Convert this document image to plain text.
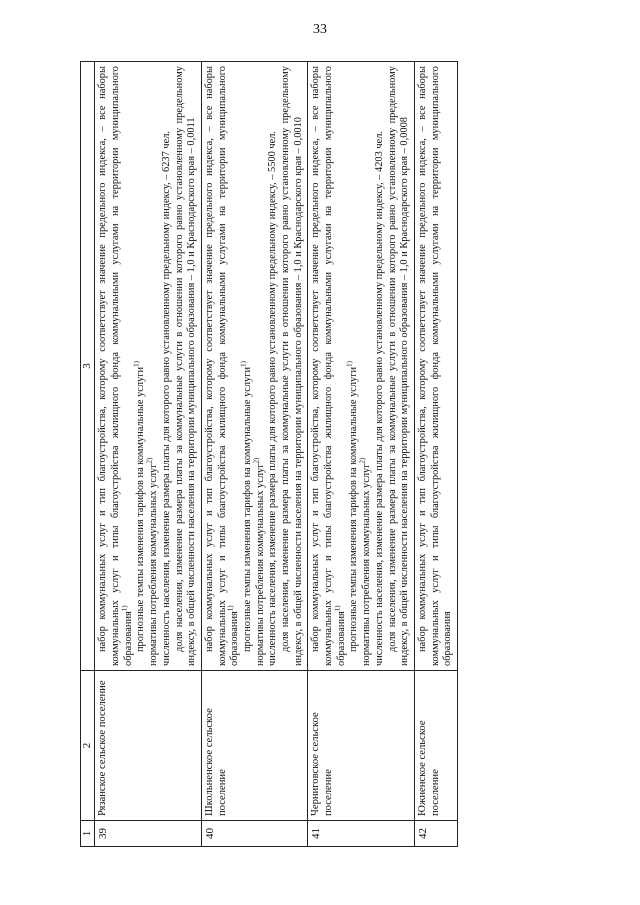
33
1	2	3
39	Рязанское сельское поселение	набор коммунальных услуг и тип благоустройства, которому соответствует значение предельного индекса, – все наборы коммунальных услуг и типы благоустройства жилищного фонда коммунальными услугами на территории муниципального образования$^{1)}$ прогнозные темпы изменения тарифов на коммунальные услуги$^{1)}$

нормативы потребления коммунальных услуг$^{2)}$ численность населения, изменение размера платы для которого равно установленному предельному индексу, – 6237 чел. доля населения, изменение размера платы за коммунальные услуги в отношении которого равно установленному предельному индексу, в общей численности населения на территории муниципального образования – 1,0 и Краснодарского края – 0,0011

40	Школьненское сельское поселение	набор коммунальных услуг и тип благоустройства, которому соответствует значение предельного индекса, – все наборы коммунальных услуг и типы благоустройства жилищного фонда коммунальными услугами на территории муниципального образования$^{1)}$ прогнозные темпы изменения тарифов на коммунальные услуги$^{1)}$

нормативы потребления коммунальных услуг$^{2)}$ численность населения, изменение размера платы для которого равно установленному предельному индексу, – 5500 чел. доля населения, изменение размера платы за коммунальные услуги в отношении которого равно установленному предельному индексу, в общей численности населения на территории муниципального образования – 1,0 и Краснодарского края – 0,0010

41	Черниговское сельское поселение	набор коммунальных услуг и тип благоустройства, которому соответствует значение предельного индекса, – все наборы коммунальных услуг и типы благоустройства жилищного фонда коммунальными услугами на территории муниципального образования$^{1)}$ прогнозные темпы изменения тарифов на коммунальные услуги$^{1)}$

нормативы потребления коммунальных услуг$^{2)}$ численность населения, изменение размера платы для которого равно установленному предельному индексу, – 4203 чел. доля населения, изменение размера платы за коммунальные услуги в отношении которого равно установленному предельному индексу, в общей численности населения на территории муниципального образования – 1,0 и Краснодарского края – 0,0008

42	Южненское сельское поселение	набор коммунальных услуг и тип благоустройства, которому соответствует значение предельного индекса, – все наборы коммунальных услуг и типы благоустройства жилищного фонда коммунальными услугами на территории муниципального образования
